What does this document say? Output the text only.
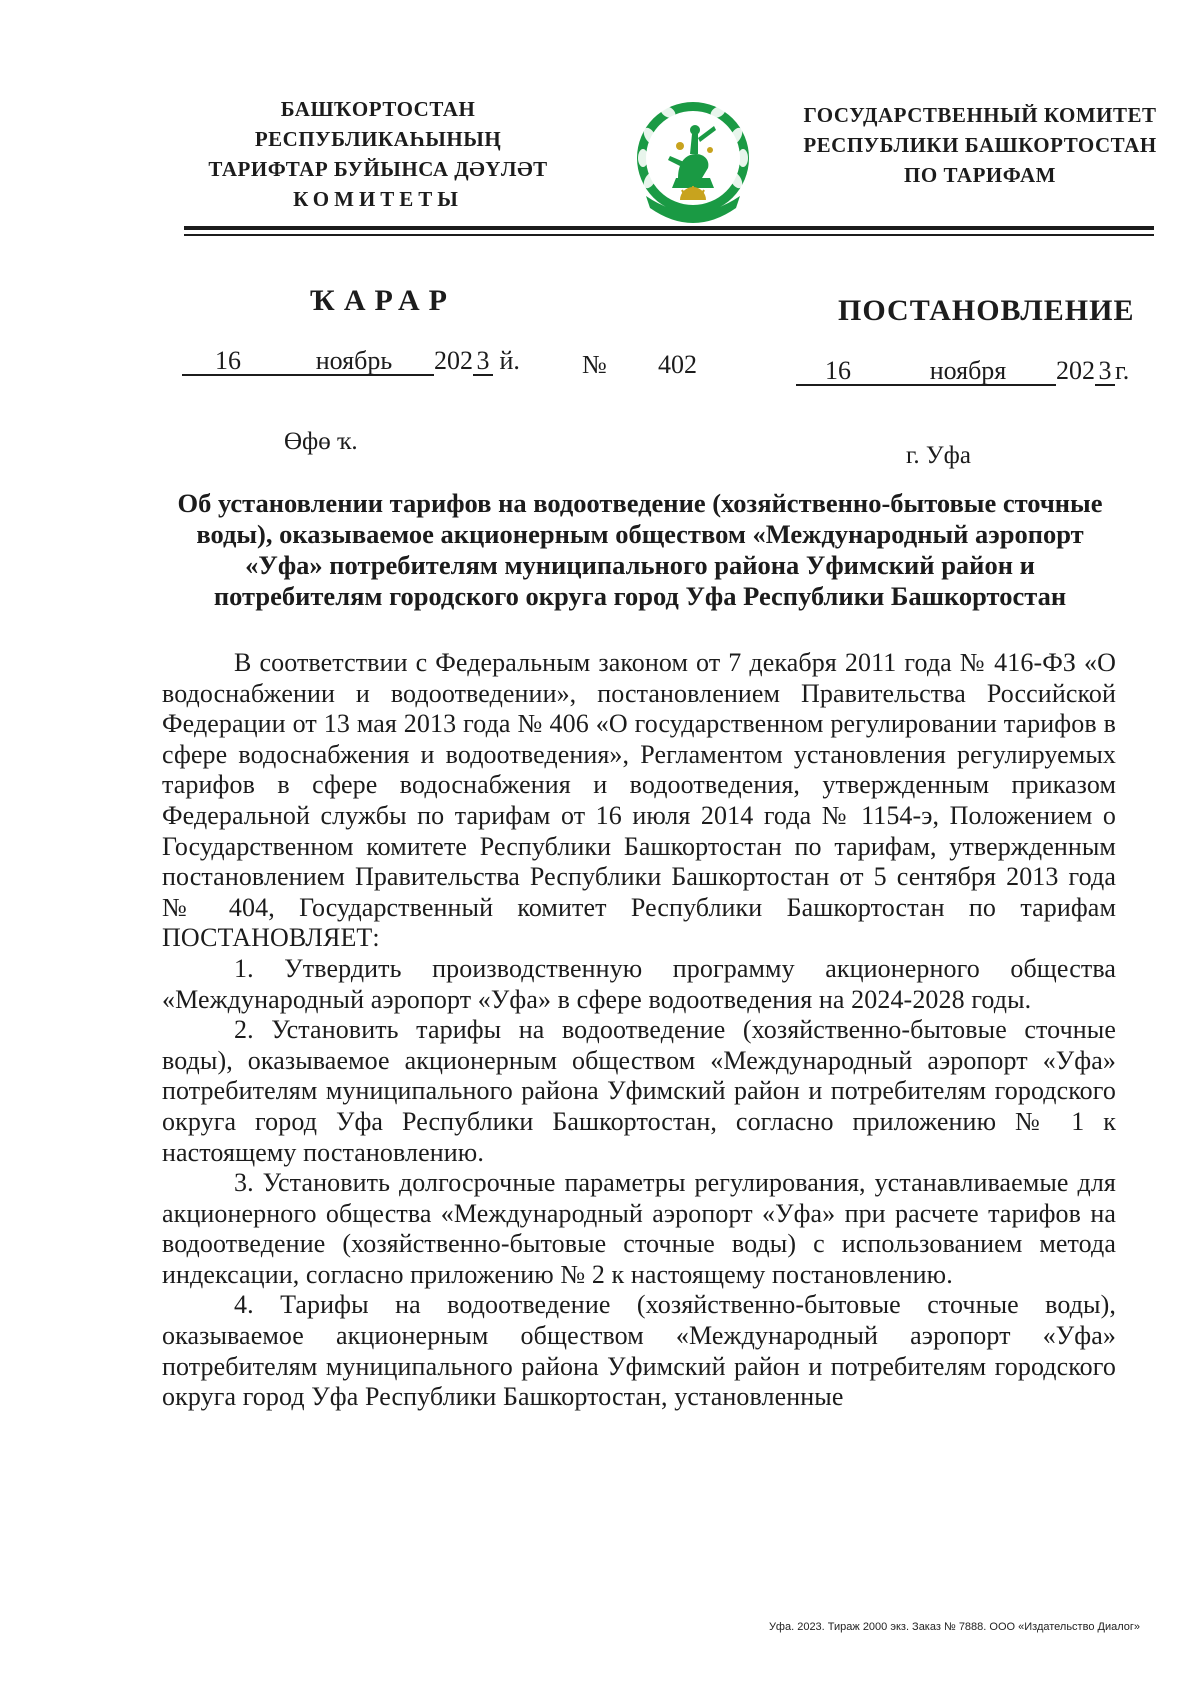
БАШҠОРТОСТАН РЕСПУБЛИКАҺЫНЫҢ
ТАРИФТАР БУЙЫНСА ДӘҮЛӘТ
КОМИТЕТЫ
ГОСУДАРСТВЕННЫЙ КОМИТЕТ
РЕСПУБЛИКИ БАШКОРТОСТАН
ПО ТАРИФАМ
ҠАРАР	ПОСТАНОВЛЕНИЕ
16	ноябрь 202 3 й. № 402	16	ноября 202 3 г.
Өфө ҡ.
г. Уфа
Об установлении тарифов на водоотведение (хозяйственно-бытовые сточные воды), оказываемое акционерным обществом «Международный аэропорт «Уфа» потребителям муниципального района Уфимский район и потребителям городского округа город Уфа Республики Башкортостан

В соответствии с Федеральным законом от 7 декабря 2011 года № 416-ФЗ «О водоснабжении и водоотведении», постановлением Правительства Российской Федерации от 13 мая 2013 года № 406 «О государственном регулировании тарифов в сфере водоснабжения и водоотведения», Регламентом установления регулируемых тарифов в сфере водоснабжения и водоотведения, утвержденным приказом Федеральной службы по тарифам от 16 июля 2014 года № 1154-э, Положением о Государственном комитете Республики Башкортостан по тарифам, утвержденным постановлением Правительства Республики Башкортостан от 5 сентября 2013 года № 404, Государственный комитет Республики Башкортостан по тарифам ПОСТАНОВЛЯЕТ:

1. Утвердить производственную программу акционерного общества «Международный аэропорт «Уфа» в сфере водоотведения на 2024-2028 годы.

2. Установить тарифы на водоотведение (хозяйственно-бытовые сточные воды), оказываемое акционерным обществом «Международный аэропорт «Уфа» потребителям муниципального района Уфимский район и потребителям городского округа город Уфа Республики Башкортостан, согласно приложению № 1 к настоящему постановлению.

3. Установить долгосрочные параметры регулирования, устанавливаемые для акционерного общества «Международный аэропорт «Уфа» при расчете тарифов на водоотведение (хозяйственно-бытовые сточные воды) с использованием метода индексации, согласно приложению № 2 к настоящему постановлению.

4. Тарифы на водоотведение (хозяйственно-бытовые сточные воды), оказываемое акционерным обществом «Международный аэропорт «Уфа» потребителям муниципального района Уфимский район и потребителям городского округа город Уфа Республики Башкортостан, установленные

Уфа. 2023. Тираж 2000 экз. Заказ № 7888. ООО «Издательство Диалог»
